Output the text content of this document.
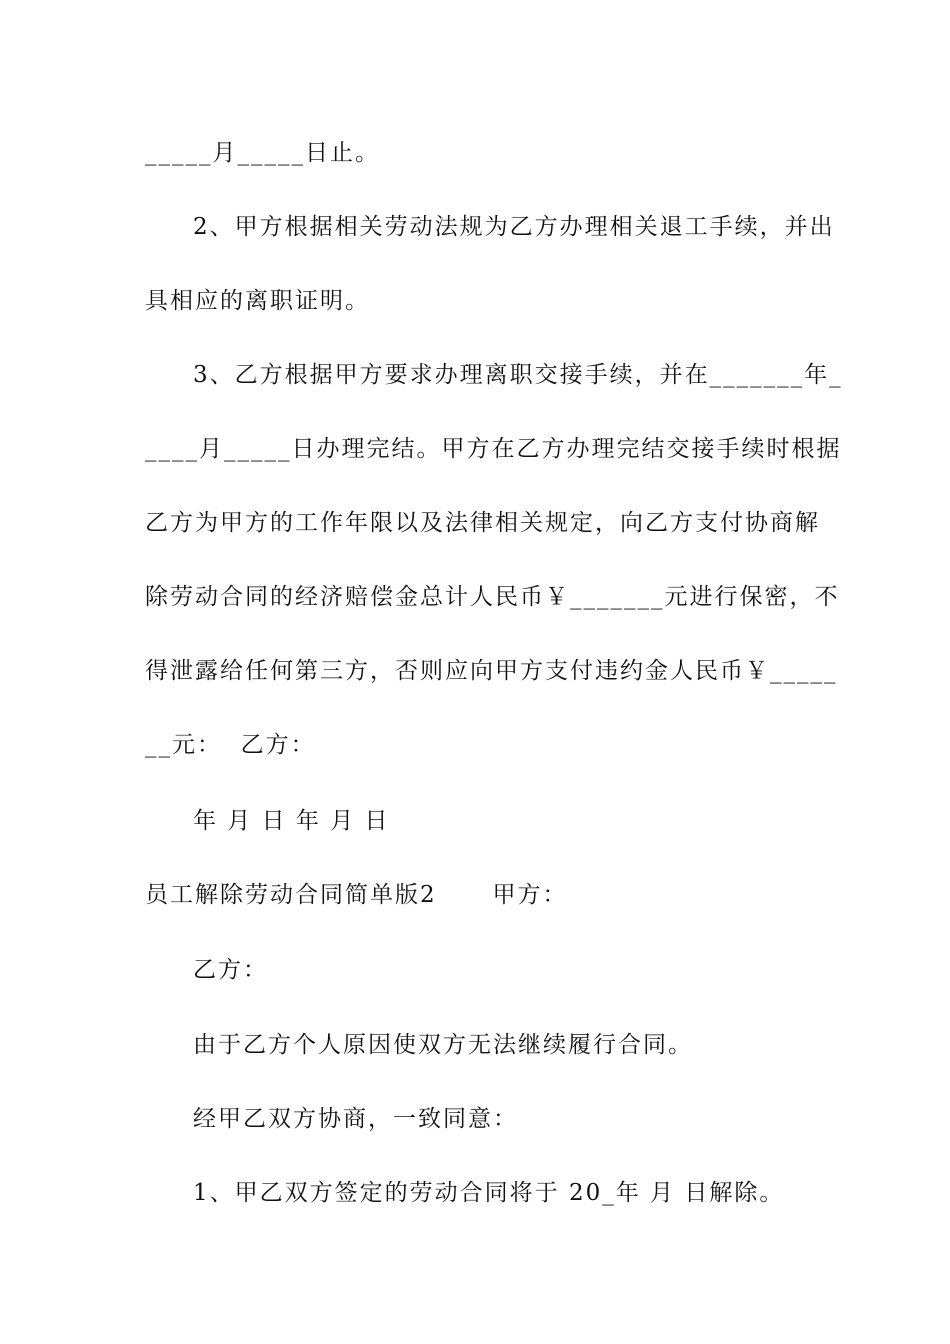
_____月_____日止。
2、甲方根据相关劳动法规为乙方办理相关退工手续，并出
具相应的离职证明。
3、乙方根据甲方要求办理离职交接手续，并在_______年_
____月_____日办理完结。甲方在乙方办理完结交接手续时根据
乙方为甲方的工作年限以及法律相关规定，向乙方支付协商解
除劳动合同的经济赔偿金总计人民币￥_______元进行保密，不
得泄露给任何第三方，否则应向甲方支付违约金人民币￥_____
__元：  乙方：
年 月 日 年 月 日
员工解除劳动合同简单版2      甲方：
乙方：
由于乙方个人原因使双方无法继续履行合同。
经甲乙双方协商，一致同意：
1、甲乙双方签定的劳动合同将于 20_年 月 日解除。
